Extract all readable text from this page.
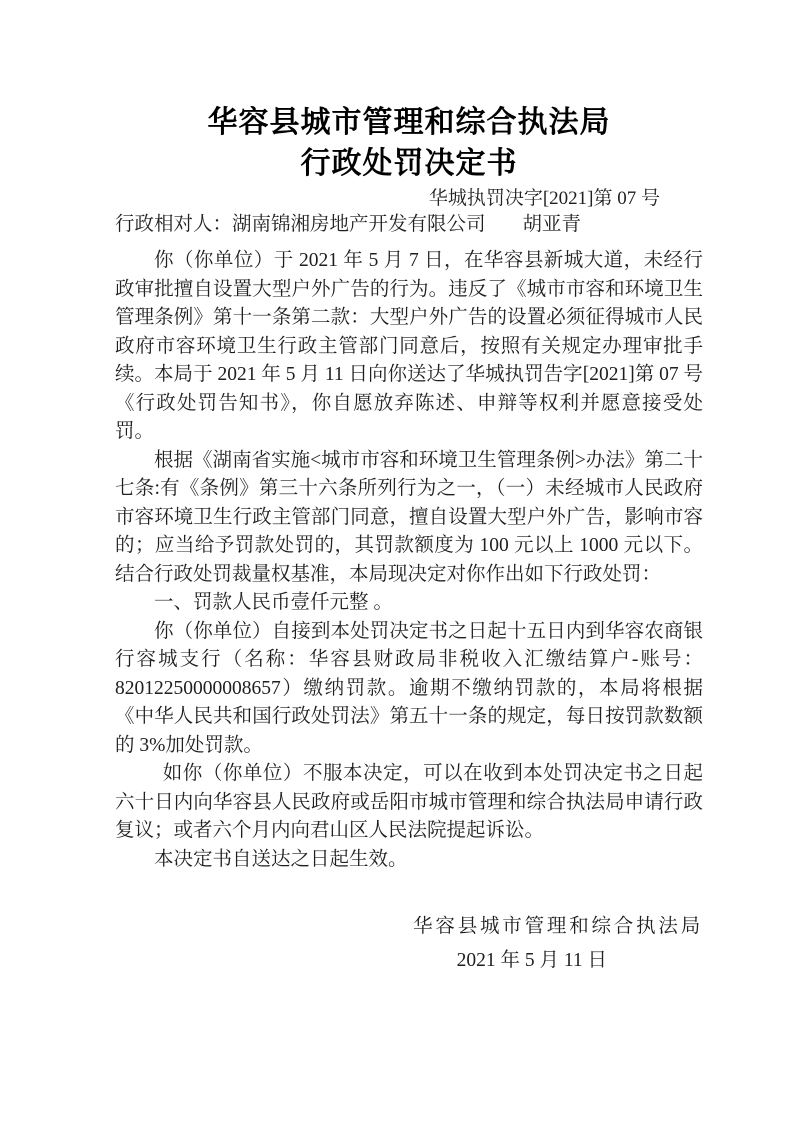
华容县城市管理和综合执法局
行政处罚决定书
华城执罚决字[2021]第 07 号
行政相对人：湖南锦湘房地产开发有限公司 胡亚青

你（你单位）于 2021 年 5 月 7 日，在华容县新城大道，未经行政审批擅自设置大型户外广告的行为。违反了《城市市容和环境卫生管理条例》第十一条第二款：大型户外广告的设置必须征得城市人民政府市容环境卫生行政主管部门同意后，按照有关规定办理审批手续。本局于 2021 年 5 月 11 日向你送达了华城执罚告字[2021]第 07 号《行政处罚告知书》，你自愿放弃陈述、申辩等权利并愿意接受处罚。

根据《湖南省实施<城市市容和环境卫生管理条例>办法》第二十七条:有《条例》第三十六条所列行为之一，（一）未经城市人民政府市容环境卫生行政主管部门同意，擅自设置大型户外广告，影响市容的；应当给予罚款处罚的，其罚款额度为 100 元以上 1000 元以下。结合行政处罚裁量权基准，本局现决定对你作出如下行政处罚：

一、罚款人民币壹仟元整 。

你（你单位）自接到本处罚决定书之日起十五日内到华容农商银行容城支行（名称：华容县财政局非税收入汇缴结算户-账号：82012250000008657）缴纳罚款。逾期不缴纳罚款的，本局将根据《中华人民共和国行政处罚法》第五十一条的规定，每日按罚款数额的 3%加处罚款。

如你（你单位）不服本决定，可以在收到本处罚决定书之日起六十日内向华容县人民政府或岳阳市城市管理和综合执法局申请行政复议；或者六个月内向君山区人民法院提起诉讼。

本决定书自送达之日起生效。

华容县城市管理和综合执法局
2021 年 5 月 11 日
